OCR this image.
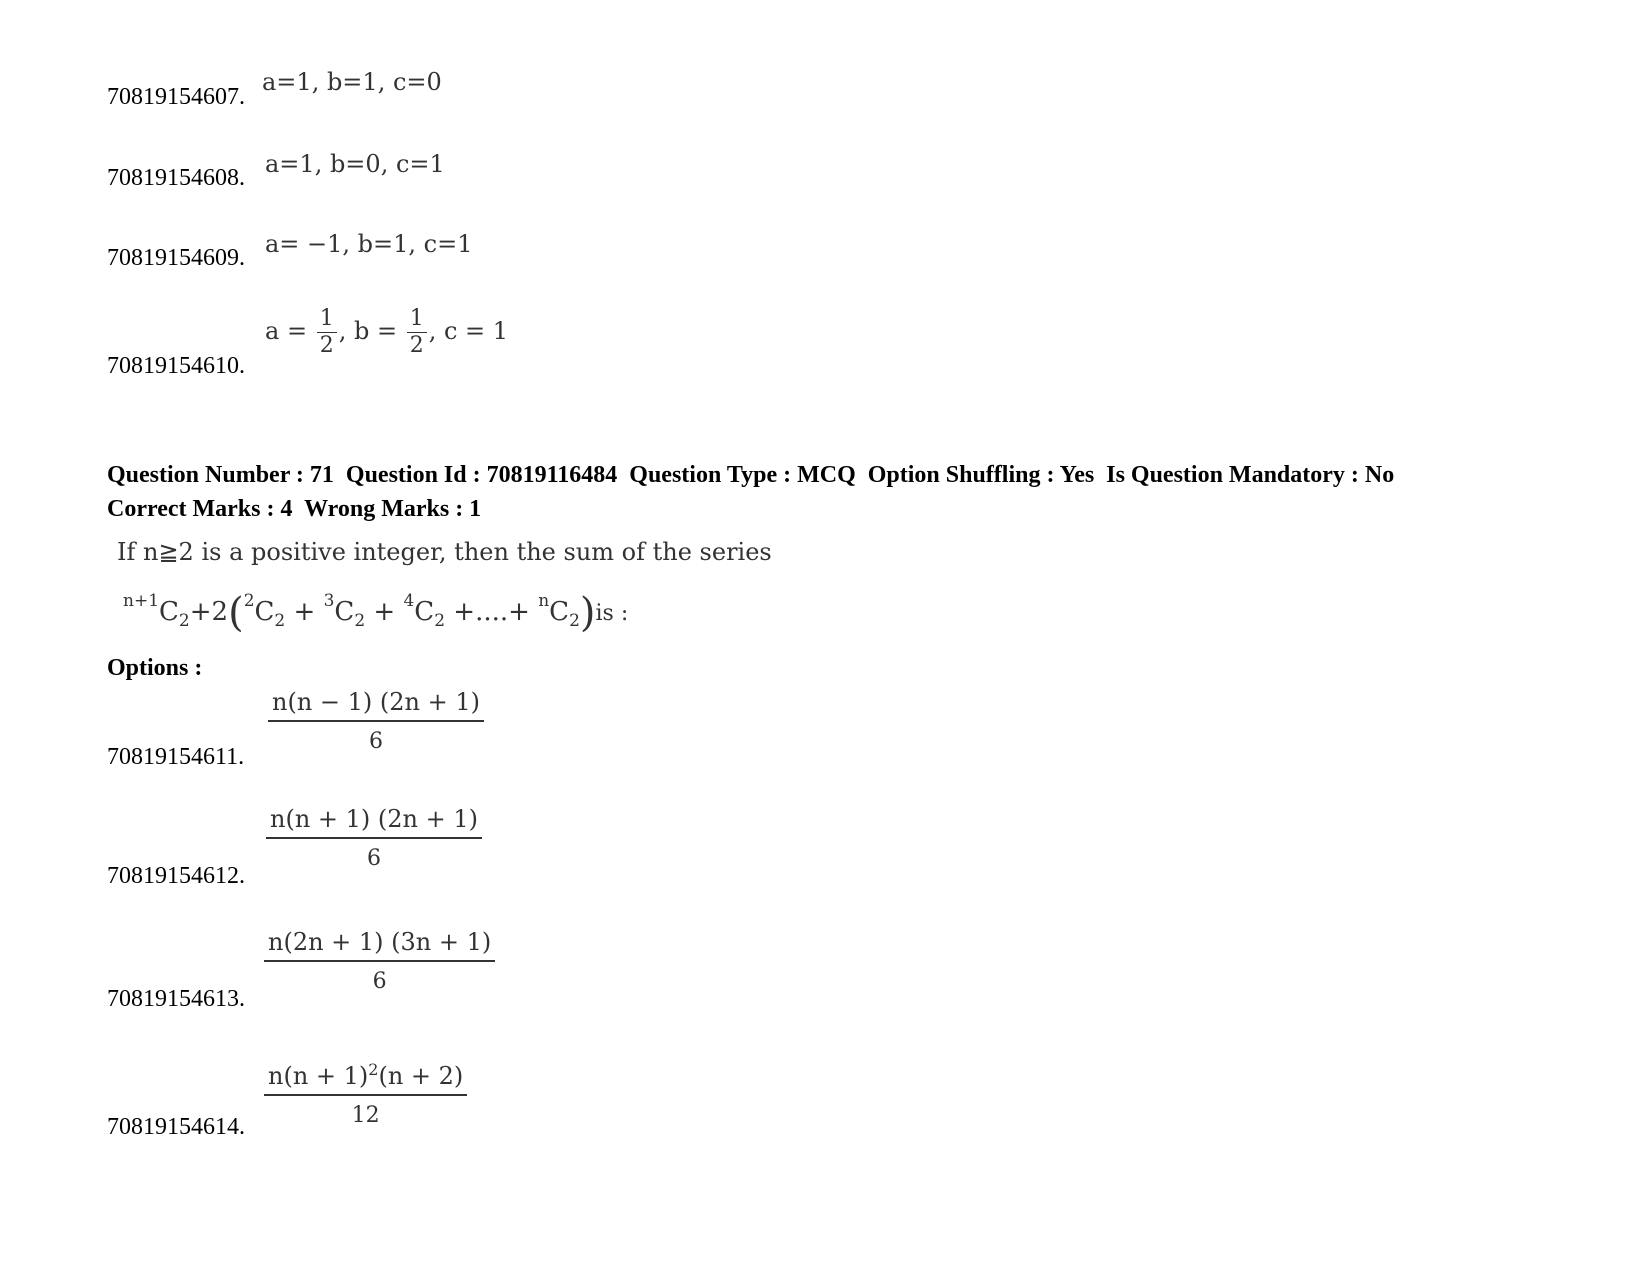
70819154607.
a=1, b=1, c=0
70819154608. a=1, b=0, c=1
70819154609. a= −1, b=1, c=1
70819154610.
$a = \frac{1}{2}$ , $b = \frac{1}{2}$ , c = 1
Question Number : 71 Question Id : 70819116484 Question Type : MCQ Option Shuffling : Yes Is Question Mandatory : No
Correct Marks : 4 Wrong Marks : 1
If n≧2 is a positive integer, then the sum of the series
$^{n+1}C_2+2(^2C_2 + ^3C_2 + ^4C_2$ +....+ $^nC_2)is$ :
Options :
70819154611. $\frac{n(n - 1) (2n + 1)}{6}$
70819154612.
$\frac{n(n + 1) (2n + 1)}{6}$
70819154613.
$\frac{n(2n + 1) (3n + 1)}{6}$
70819154614. $\frac{n(n + 1)^2(n + 2)}{12}$
